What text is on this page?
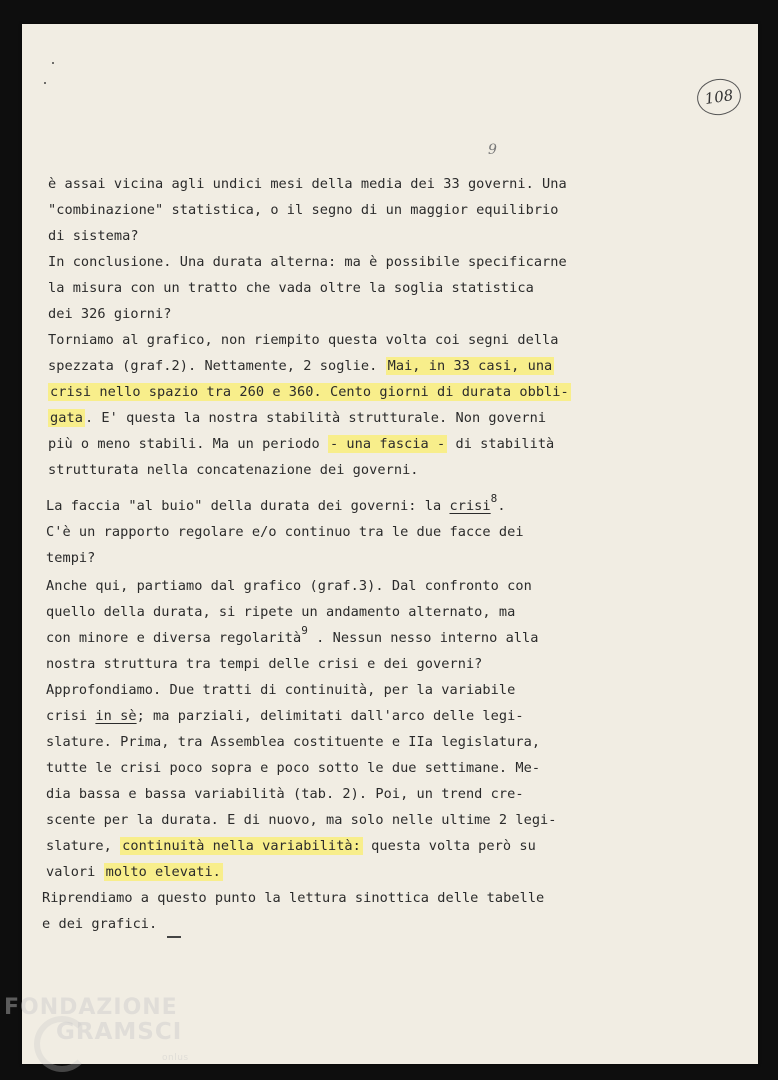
108
9
è assai vicina agli undici mesi della media dei 33 governi. Una
"combinazione" statistica, o il segno di un maggior equilibrio
di sistema?
In conclusione. Una durata alterna: ma è possibile specificarne
la misura con un tratto che vada oltre la soglia statistica
dei 326 giorni?
Torniamo al grafico, non riempito questa volta coi segni della
spezzata (graf.2). Nettamente, 2 soglie. Mai, in 33 casi, una
crisi nello spazio tra 260 e 360. Cento giorni di durata obbli-
gata . E' questa la nostra stabilità strutturale. Non governi
più o meno stabili. Ma un periodo - una fascia - di stabilità
strutturata nella concatenazione dei governi.
La faccia "al buio" della durata dei governi: la crisi$^8$.
C'è un rapporto regolare e/o continuo tra le due facce dei
tempi?
Anche qui, partiamo dal grafico (graf.3). Dal confronto con
quello della durata, si ripete un andamento alternato, ma
con minore e diversa regolarità$^9$ . Nessun nesso interno alla
nostra struttura tra tempi delle crisi e dei governi?
Approfondiamo. Due tratti di continuità, per la variabile
crisi in sè; ma parziali, delimitati dall'arco delle legi-
slature. Prima, tra Assemblea costituente e IIa legislatura,
tutte le crisi poco sopra e poco sotto le due settimane. Me-
dia bassa e bassa variabilità (tab. 2). Poi, un trend cre-
scente per la durata. E di nuovo, ma solo nelle ultime 2 legi-
slature, continuità nella variabilità: questa volta però su
valori molto elevati.
Riprendiamo a questo punto la lettura sinottica delle tabelle
e dei grafici.
FONDAZIONE
GRAMSCI
onlus
